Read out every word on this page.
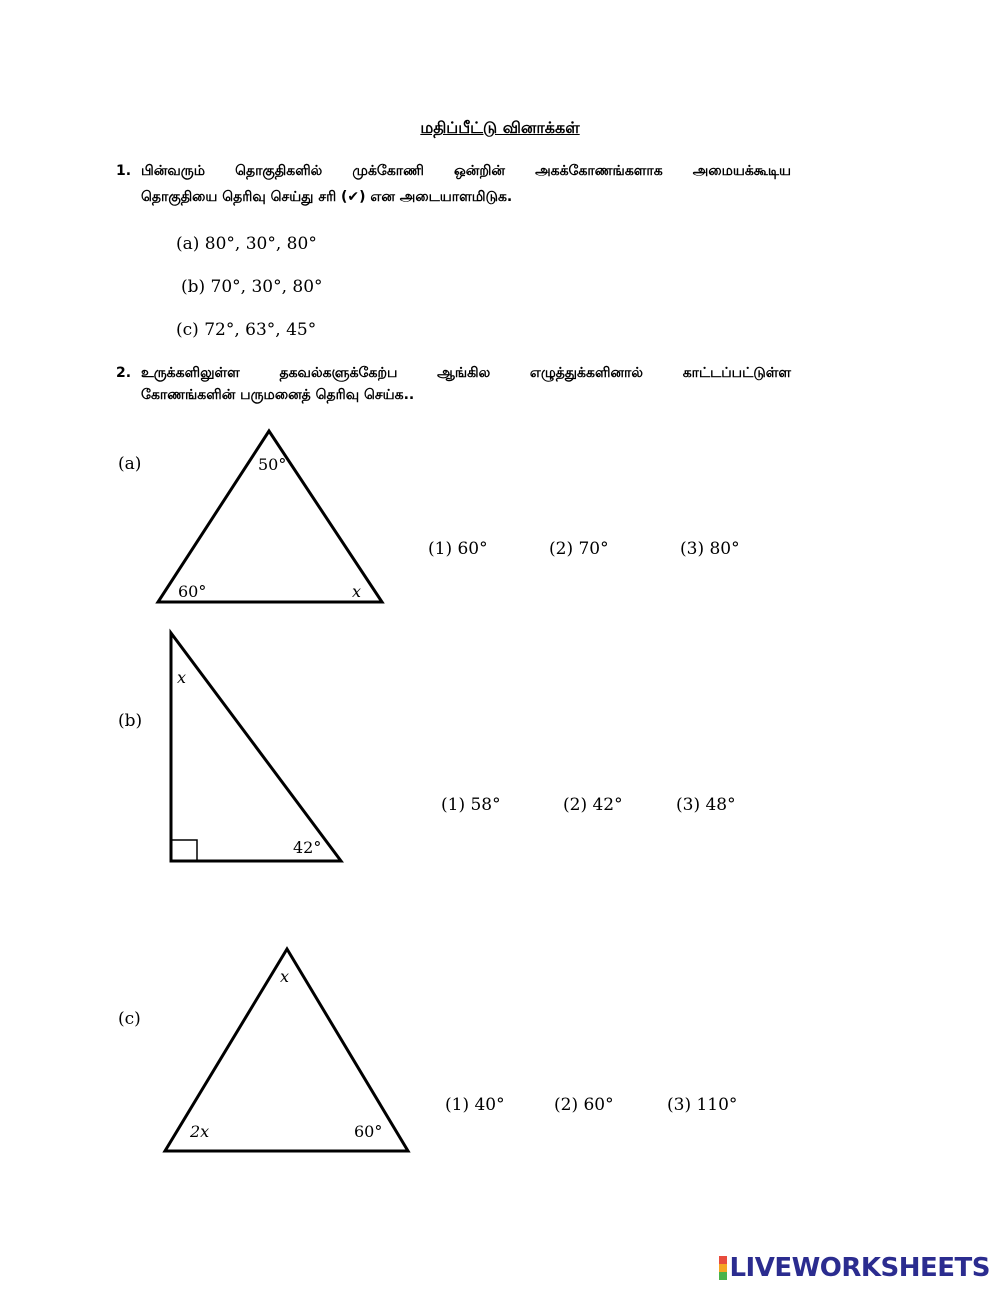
மதிப்பீட்டு வினாக்கள்
1. பின்வரும் தொகுதிகளில் முக்கோணி ஒன்றின் அகக்கோணங்களாக அமையக்கூடிய
தொகுதியை தெரிவு செய்து சரி (✔) என அடையாளமிடுக.
(a) 80°, 30°, 80°
(b) 70°, 30°, 80°
(c) 72°, 63°, 45°
2. உருக்களிலுள்ள தகவல்களுக்கேற்ப ஆங்கில எழுத்துக்களினால் காட்டப்பட்டுள்ள
கோணங்களின் பருமனைத் தெரிவு செய்க..
(a)	50°
60°	x
x
42°
x
2x	60°
(1) 60°	(2) 70°	(3) 80°
(b)
(1) 58°	(2) 42°	(3) 48°
(c)
(1) 40°	(2) 60°	(3) 110°
LIVEWORKSHEETS
